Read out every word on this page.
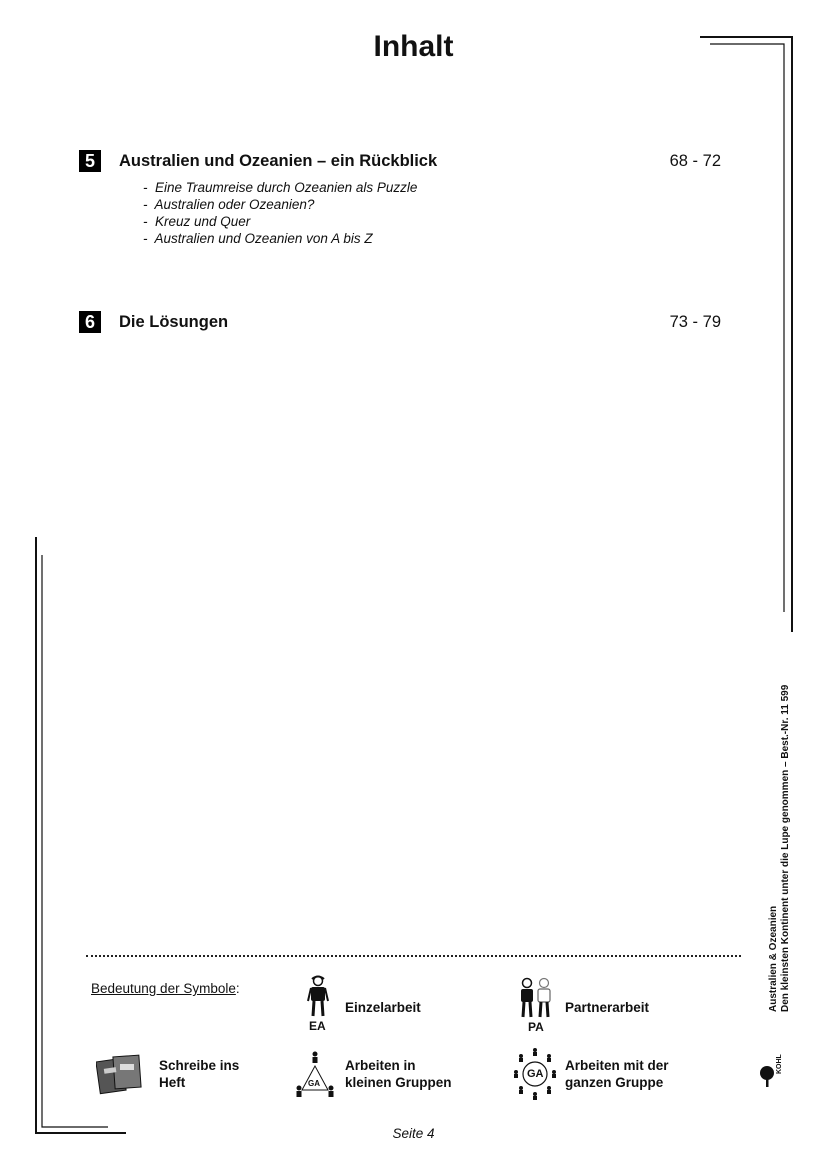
Inhalt
5	Australien und Ozeanien – ein Rückblick	68 - 72
-  Eine Traumreise durch Ozeanien als Puzzle
-  Australien oder Ozeanien?
-  Kreuz und Quer
-  Australien und Ozeanien von A bis Z
6	Die Lösungen	73 - 79
Bedeutung der Symbole:
EA
Einzelarbeit
PA
Partnerarbeit
Schreibe ins
Heft	GA
Arbeiten in
kleinen Gruppen
GA
Arbeiten mit der
ganzen Gruppe
Australien & Ozeanien Den kleinsten Kontinent unter die Lupe genommen – Best.-Nr. 11 599
KOHL
Seite 4
